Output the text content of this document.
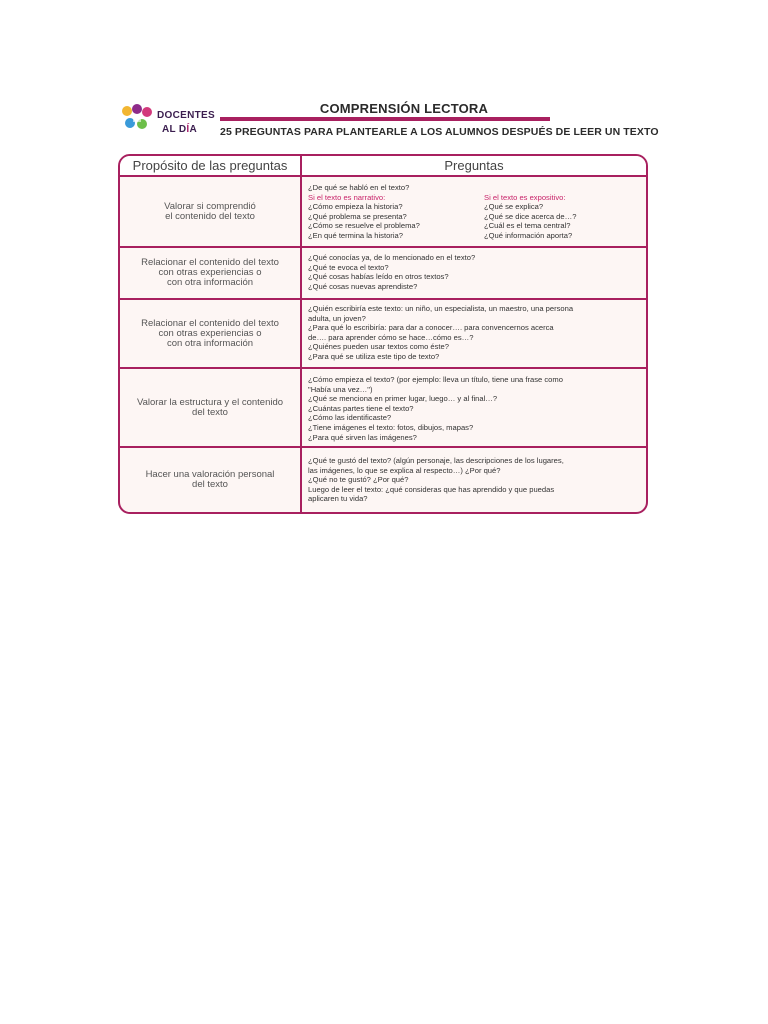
DOCENTES
AL DÍA
COMPRENSIÓN LECTORA
25 PREGUNTAS PARA PLANTEARLE A LOS ALUMNOS DESPUÉS DE LEER UN TEXTO
Propósito de las preguntas	Preguntas
Valorar si comprendió
el contenido del texto
¿De qué se habló en el texto?
Si el texto es narrativo:
¿Cómo empieza la historia?
¿Qué problema se presenta?
¿Cómo se resuelve el problema?
¿En qué termina la historia?
Si el texto es expositivo:
¿Qué se explica?
¿Qué se dice acerca de…?
¿Cuál es el tema central?
¿Qué información aporta?
Relacionar el contenido del texto
con otras experiencias o
con otra información
¿Qué conocías ya, de lo mencionado en el texto?
¿Qué te evoca el texto?
¿Qué cosas habías leído en otros textos?
¿Qué cosas nuevas aprendiste?
Relacionar el contenido del texto
con otras experiencias o
con otra información
¿Quién escribiría este texto: un niño, un especialista, un maestro, una persona
adulta, un joven?
¿Para qué lo escribiría: para dar a conocer…. para convencernos acerca
de…. para aprender cómo se hace…cómo es…?
¿Quiénes pueden usar textos como éste?
¿Para qué se utiliza este tipo de texto?
Valorar la estructura y el contenido
del texto
¿Cómo empieza el texto? (por ejemplo: lleva un título, tiene una frase como
"Había una vez…")
¿Qué se menciona en primer lugar, luego… y al final…?
¿Cuántas partes tiene el texto?
¿Cómo las identificaste?
¿Tiene imágenes el texto: fotos, dibujos, mapas?
¿Para qué sirven las imágenes?
Hacer una valoración personal
del texto
¿Qué te gustó del texto? (algún personaje, las descripciones de los lugares,
las imágenes, lo que se explica al respecto…) ¿Por qué?
¿Qué no te gustó? ¿Por qué?
Luego de leer el texto: ¿qué consideras que has aprendido y que puedas
aplicaren tu vida?
